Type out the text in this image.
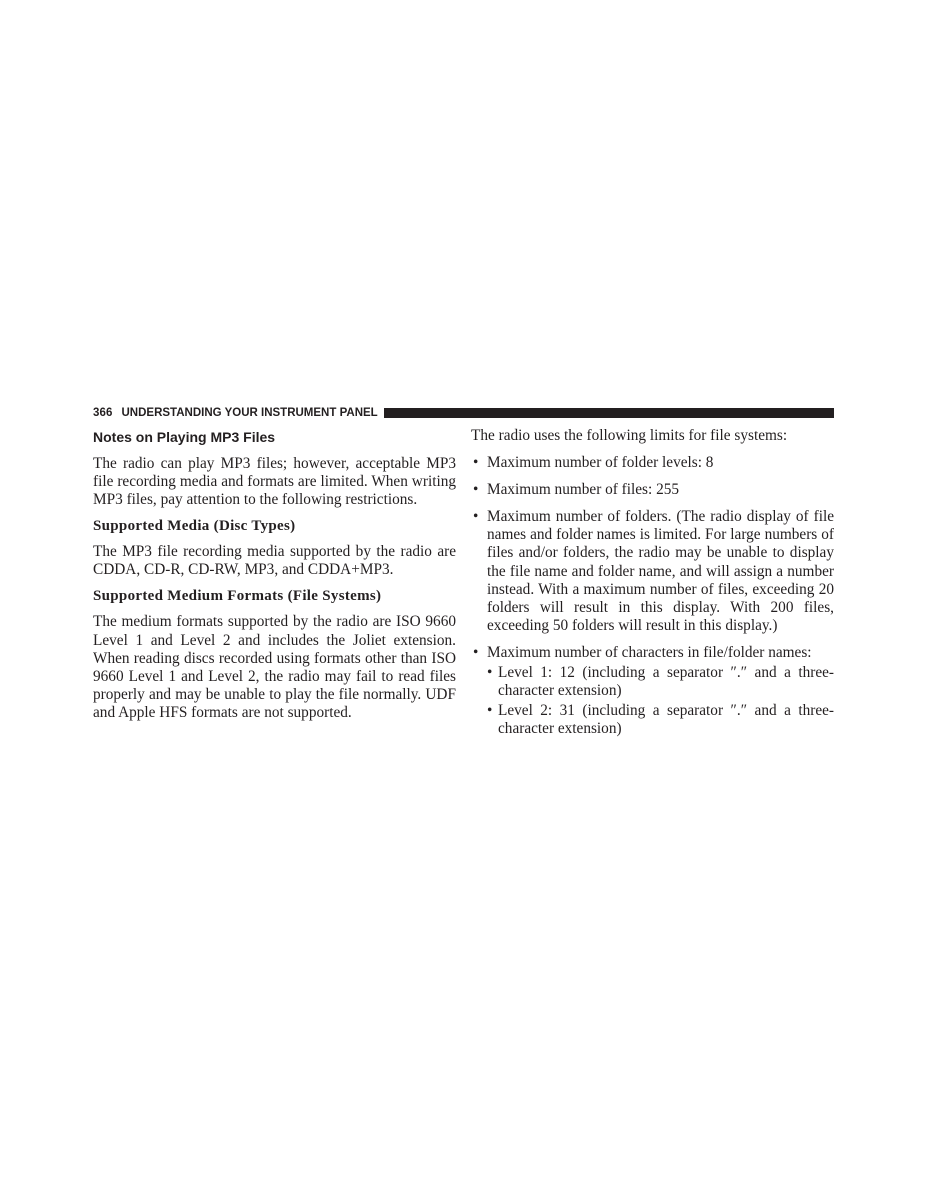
366 UNDERSTANDING YOUR INSTRUMENT PANEL
Notes on Playing MP3 Files

The radio can play MP3 files; however, acceptable MP3 file recording media and formats are limited. When writing MP3 files, pay attention to the following restrictions.

Supported Media (Disc Types)

The MP3 file recording media supported by the radio are CDDA, CD-R, CD-RW, MP3, and CDDA+MP3.

Supported Medium Formats (File Systems)

The medium formats supported by the radio are ISO 9660 Level 1 and Level 2 and includes the Joliet extension. When reading discs recorded using formats other than ISO 9660 Level 1 and Level 2, the radio may fail to read files properly and may be unable to play the file normally. UDF and Apple HFS formats are not supported.

The radio uses the following limits for file systems:

• Maximum number of folder levels: 8
• Maximum number of files: 255
• Maximum number of folders. (The radio display of file names and folder names is limited. For large numbers of files and/or folders, the radio may be unable to display the file name and folder name, and will assign a number instead. With a maximum number of files, exceeding 20 folders will result in this display. With 200 files, exceeding 50 folders will result in this display.)
• Maximum number of characters in file/folder names:
• Level 1: 12 (including a separator ″.″ and a three-character extension)
• Level 2: 31 (including a separator ″.″ and a three-character extension)
